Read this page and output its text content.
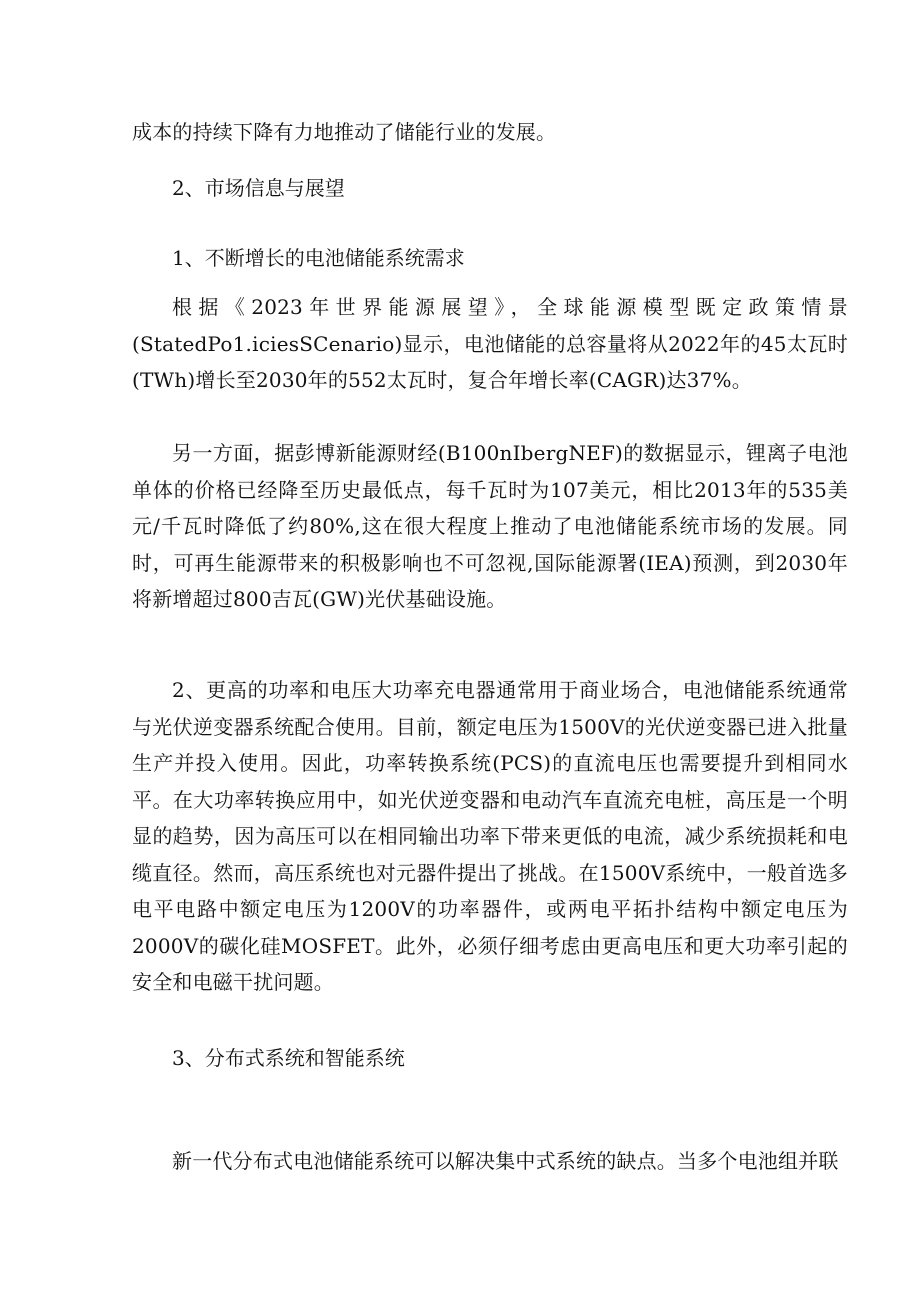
成本的持续下降有力地推动了储能行业的发展。

2、市场信息与展望

1、不断增长的电池储能系统需求

根据《2023年世界能源展望》，全球能源模型既定政策情景(StatedPo1.iciesSCenario)显示，电池储能的总容量将从2022年的45太瓦时(TWh)增长至2030年的552太瓦时，复合年增长率(CAGR)达37%。

另一方面，据彭博新能源财经(B100nIbergNEF)的数据显示，锂离子电池单体的价格已经降至历史最低点，每千瓦时为107美元，相比2013年的535美元/千瓦时降低了约80%,这在很大程度上推动了电池储能系统市场的发展。同时，可再生能源带来的积极影响也不可忽视,国际能源署(IEA)预测，到2030年将新增超过800吉瓦(GW)光伏基础设施。

2、更高的功率和电压大功率充电器通常用于商业场合，电池储能系统通常与光伏逆变器系统配合使用。目前，额定电压为1500V的光伏逆变器已进入批量生产并投入使用。因此，功率转换系统(PCS)的直流电压也需要提升到相同水平。在大功率转换应用中，如光伏逆变器和电动汽车直流充电桩，高压是一个明显的趋势，因为高压可以在相同输出功率下带来更低的电流，减少系统损耗和电缆直径。然而，高压系统也对元器件提出了挑战。在1500V系统中，一般首选多电平电路中额定电压为1200V的功率器件，或两电平拓扑结构中额定电压为2000V的碳化硅MOSFET。此外，必须仔细考虑由更高电压和更大功率引起的安全和电磁干扰问题。

3、分布式系统和智能系统

新一代分布式电池储能系统可以解决集中式系统的缺点。当多个电池组并联
